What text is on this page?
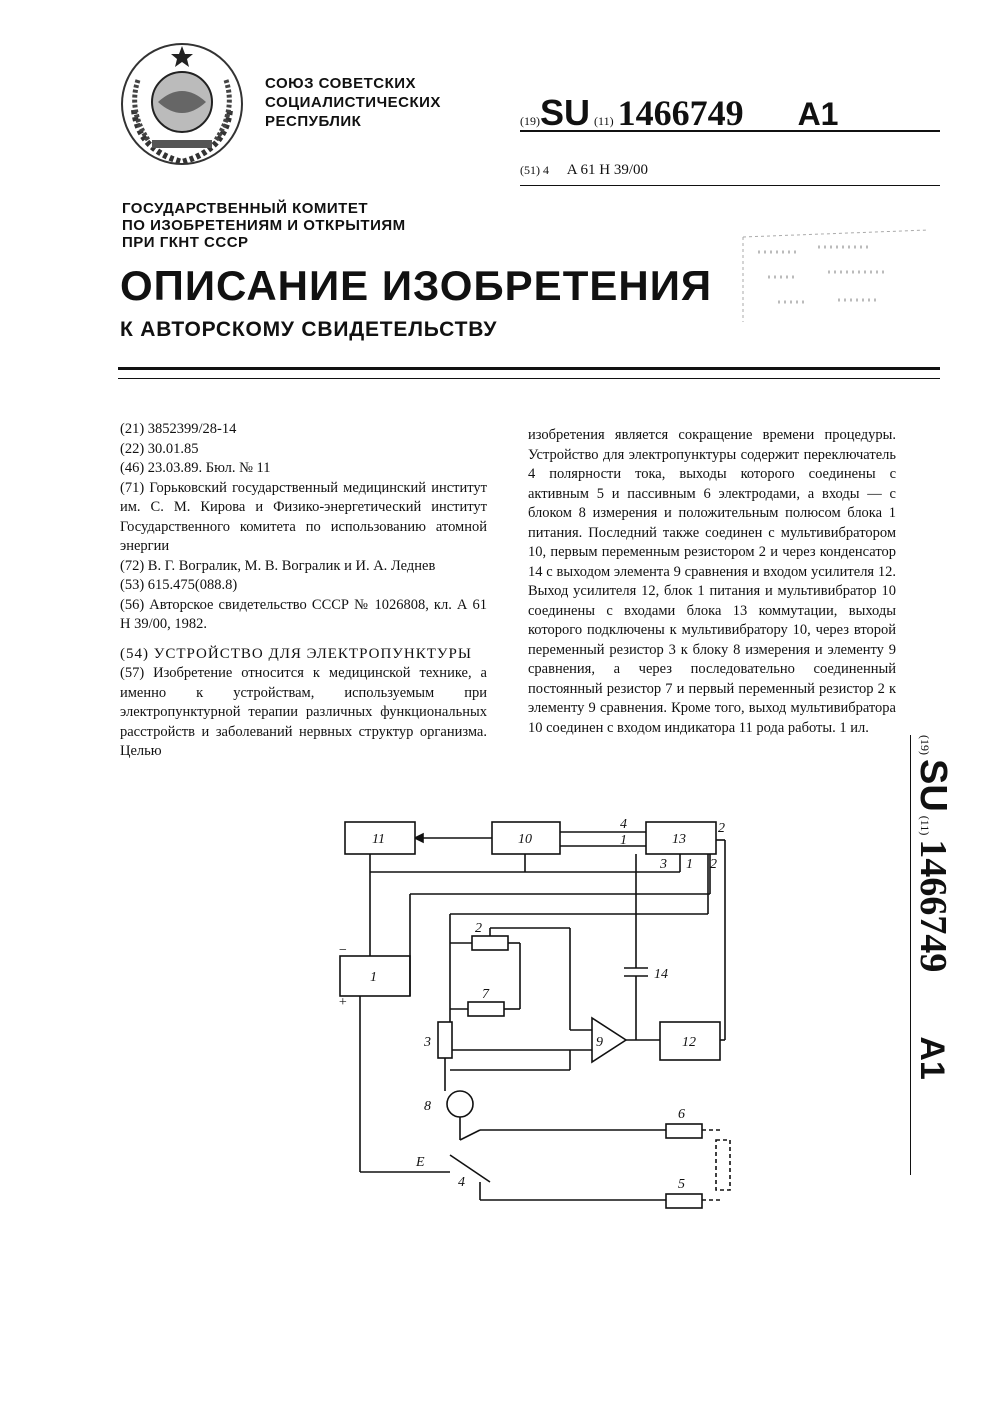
СОЮЗ СОВЕТСКИХ
СОЦИАЛИСТИЧЕСКИХ
РЕСПУБЛИК	(19)SU (11) 1466749 A1
(51) 4 A 61 H 39/00
ГОСУДАРСТВЕННЫЙ КОМИТЕТ
ПО ИЗОБРЕТЕНИЯМ И ОТКРЫТИЯМ
ПРИ ГКНТ СССР
ОПИСАНИЕ ИЗОБРЕТЕНИЯ
К АВТОРСКОМУ СВИДЕТЕЛЬСТВУ

(21) 3852399/28-14

(22) 30.01.85

(46) 23.03.89. Бюл. № 11

(71) Горьковский государственный медицинский институт им. С. М. Кирова и Физико-энергетический институт Государственного комитета по использованию атомной энергии

(72) В. Г. Вогралик, М. В. Вогралик и И. А. Леднев

(53) 615.475(088.8)

(56) Авторское свидетельство СССР № 1026808, кл. А 61 Н 39/00, 1982.

(54) УСТРОЙСТВО ДЛЯ ЭЛЕКТРОПУНКТУРЫ

(57) Изобретение относится к медицинской технике, а именно к устройствам, используемым при электропунктурной терапии различных функциональных расстройств и заболеваний нервных структур организма. Целью

изобретения является сокращение времени процедуры. Устройство для электропунктуры содержит переключатель 4 полярности тока, выходы которого соединены с активным 5 и пассивным 6 электродами, а входы — с блоком 8 измерения и положительным полюсом блока 1 питания. Последний также соединен с мультивибратором 10, первым переменным резистором 2 и через конденсатор 14 с выходом элемента 9 сравнения и входом усилителя 12. Выход усилителя 12, блок 1 питания и мультивибратор 10 соединены с входами блока 13 коммутации, выходы которого подключены к мультивибратору 10, через второй переменный резистор 3 к блоку 8 измерения и элементу 9 сравнения, а через последовательно соединенный постоянный резистор 7 и первый переменный резистор 2 к элементу 9 сравнения. Кроме того, выход мультивибратора 10 соединен с входом индикатора 11 рода работы. 1 ил.

(19) SU (11) 1466749 A1
11	10	13
1
2
7
3
8
9	12
14
6
5
4
E
−
+
4
1
2
3 1 2
